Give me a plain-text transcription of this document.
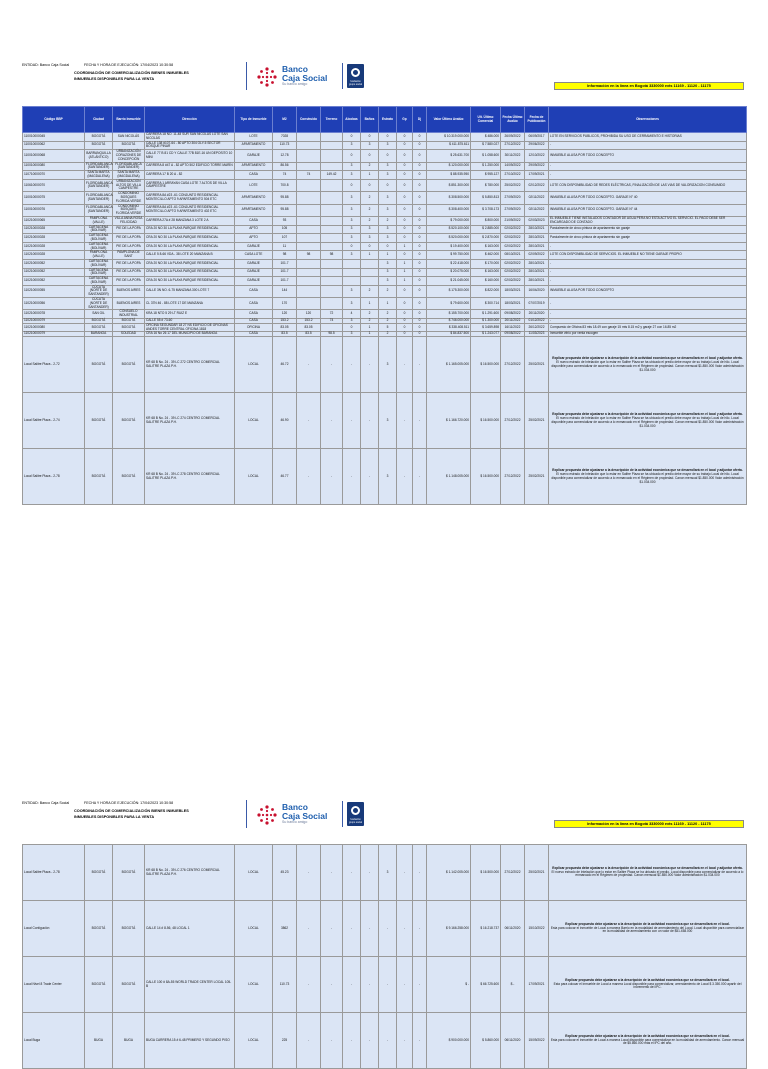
ENTIDAD: Banco Caja Social	FECHA Y HORA DE EJECUCIÓN: 17/04/2023 10:30:58
COORDINACIÓN DE COMERCIALIZACIÓN BIENES INMUEBLES
INMUEBLES DISPONIBLES PARA LA VENTA
Banco
Caja Social
Su banco amigo
fundación grupo social	Información en la línea en Bogotá 3330000 exts 11169 - 11120 - 11175
Código BBP	Ciudad	Barrio Inmueble	Dirección	Tipo de Inmueble	M2	Construido	Terreno	Alcobas	Baños	Estrato	Gp	Dj	Valor Último Avalúo	Ult. Último Comercial	Fecha Último Avalúo	Fecha de Publicación	Observaciones
110010000045	BOGOTÁ	SAN NICOLÁS	CARRERA 18 NO. 11-48 SUR SAN NICOLÁS LOTE SAN NICOLÁS	LOTE	7028			0	0	0	0	0	$ 10.319.000.000	$ 486.000	26/09/2022	06/09/2017	LOTE EN SERVICIOS PUBLICOS, PROHIBIDA SU USO DE CERRAMIENTO E HISTORIAS
110010000062	BOGOTÁ	BOGOTÁ	CALLE 138 #107-64 - 80 APTO 304 OLY-5 SECTOR BOSQUE PINAR	APARTAMENTO	110.73			3	3	3	0	0	$ 411.875.611	$ 7.580.027	27/12/2022	29/06/2022	-
110010000068	BARRANQUILLA (ATLÁNTICO)	URBANIZACIÓN CORAZONES DE CONCEPCIÓN	CALLE 77 B 81 CD Y CALLE 77B 81E-16 UN DEPOSITO 10 MINI	GARAJE	12.78			0	0	0	0	0	$ 25.631.700	$ 1.058.600	30/11/2022	12/10/2022	INMUEBLE ALUSA POR TODO CONCEPTO
110010000080	FLORIDABLANCA (SANTANDER)	FLORIDABLANCA (SANTANDER)	CARRERA 8 #47 A - 82 APTO 502 EDIFICIO TORRE MARÍN	APARTAMENTO	86.56			3	2	3	0	0	$ 120.000.000	$ 1.250.000	14/09/2022	29/09/2022	-
110710000070	SANTA MARTA (MAGDALENA)	SANTA MARTA (MAGDALENA)	CARRERA 17 B 20 A - 82	CASA	74	74	149.42	3	1	3	0	0	$ 88.935.950	$ 955.127	27/10/2022	17/09/2021	-
110610000070	FLORIDABLANCA (SANTANDER)	URBANIZACION ALTOS DE VILLA CAMPESTRE	CARRERA 1 ARRAYAN CASA LOTE 7 ALTOS DE VILLA CAMPESTRE	LOTE	700.8			0	0	0	0	0	$ 851.300.000	$ 780.000	25/02/2022	02/12/2022	LOTE CON DISPONIBILIDAD DE REDES ELÉCTRICAS, FINALIZACIÓN DE LAS VIAS DE VALORIZACION CONSUMIDO
110010000075	FLORIDABLANCA (SANTANDER)	CONDOMINIO BOSQUES FLORIDA VERDE	CARRERA 8A #23 -61 CONJUNTO RESIDENCIAL MONTECILLO APTO 9 APARTAMENTO 504 ETC	APARTAMENTO	95.88			3	2	3	0	0	$ 308.500.000	$ 5.850.813	27/09/2020	02/11/2022	INMUEBLE ALUSA POR TODO CONCEPTO. GARAJE N° 40
110010000076	FLORIDABLANCA (SANTANDER)	CONDOMINIO BOSQUES FLORIDA VERDE	CARRERA 8A #23 -61 CONJUNTO RESIDENCIAL MONTECILLO APTO 9 APARTAMENTO 402 ETC	APARTAMENTO	95.88			3	2	3	0	0	$ 308.400.000	$ 3.708.173	27/09/2020	02/11/2022	INMUEBLE ALUSA POR TODO CONCEPTO. GARAJE N° 44
110210000065	PAMPLONA (VALLE)	VILLA ANNA ROSA FELICIDAD	CARRERA 27A # 28 MANZANA 3 LOTE 2 A	CASA	93			3	2	2	0	0	$ 79.000.000	$ 800.000	21/09/2022	02/03/2023	EL INMUEBLE TIENE INSTALADOS CONTADOR DE AGUA PERA NO ESTA ACTIVO EL SERVICIO. EL PAGO DEBE SER ENCARGADO DE CONTADO
110210000028	CARTAGENA (BOLÍVAR)	PIE DE LA POPA	CRA 20 NO 30 LA PLAYA PARQUE RESIDENCIAL	APTO	105			3	3	3	0	0	$ 520.100.000	$ 2.885.000	02/02/2022	28/10/2021	Parcialmente de cinco pintura de apartamento sin garaje
110210000028	CARTAGENA (BOLÍVAR)	PIE DE LA POPA	CRA 20 NO 30 LA PLAYA PARQUE RESIDENCIAL	APTO	107			3	3	3	0	0	$ 520.000.000	$ 2.870.000	02/02/2022	28/10/2021	Parcialmente de cinco pintura de apartamento sin garaje
110210000028	CARTAGENA (BOLÍVAR)	PIE DE LA POPA	CRA 20 NO 30 LA PLAYA PARQUE RESIDENCIAL	GARAJE	11			0	0	0	1	0	$ 19.400.000	$ 163.000	02/02/2022	28/10/2021	-
110210000028	PAMPLONA (VALLE)	PAMPLONA DE SANT	CALLE 5 8-66 VDA - 38 LOTE 20 MANZANA B	CASA LOTE	98	98	98	3	1	1	0	0	$ 99.750.000	$ 462.000	08/10/2021	02/09/2022	LOTE CON DISPONIBILIDAD DE SERVICIOS. EL INMUEBLE NO TIENE GARAJE PROPIO
110210000052	CARTAGENA (BOLÍVAR)	PIE DE LA POPA	CRA 20 NO 30 LA PLAYA PARQUE RESIDENCIAL	GARAJE	101.7					3	1	0	$ 22.418.000	$ 170.000	02/02/2022	28/10/2021	-
110210000052	CARTAGENA (BOLÍVAR)	PIE DE LA POPA	CRA 20 NO 30 LA PLAYA PARQUE RESIDENCIAL	GARAJE	101.7					3	1	0	$ 20.075.000	$ 163.000	02/02/2022	28/10/2021	-
110210000052	CARTAGENA (BOLÍVAR)	PIE DE LA POPA	CRA 20 NO 30 LA PLAYA PARQUE RESIDENCIAL	GARAJE	101.7					3	1	0	$ 21.045.000	$ 160.000	02/02/2022	28/10/2021	-
110210000055	CÚCUTA (NORTE DE SANTANDER)	BUENOS AIRES	CALLE 3N NO. 6-75 MANZANA 300 LOTE 7	CASA	144			3	2	2	0	0	$ 175.300.000	$ 822.000	18/03/2021	16/04/2020	INMUEBLE ALUSA POR TODO CONCEPTO
110210000056	CÚCUTA (NORTE DE SANTANDER)	BUENOS AIRES	CL 37N 46 - 88 LOTE 17 DE MANZANA	CASA	170			3	1	1	0	0	$ 79.600.000	$ 300.714	18/03/2021	07/07/2019	-
110210000078	SAN GIL	CONSUELO INDUSTRIAL	KRA 18 NTO 5 29 LT RUIZ E	CASA	120	120	72	4	2	2	0	0	$ 155.700.000	$ 1.291.600	09/08/2022	20/11/2020	-
110210000079	BOGOTÁ	BOGOTÁ	CALLE 55 # 73-60	CASA	153.2	153.2	74	3	2	2	0	0	$ 746.000.000	$ 1.300.000	20/11/2022	01/12/2022	-
110210000080	BOGOTÁ	BOGOTÁ	OFICINA SEGUNDAR 18 27 NS EDIFICIO DE OFICINAS ANDES TORRE CENTRAL OFICINA 1818	OFICINA	83.05	83.05		0	1	5	0	0	$ 338.408.511	$ 3.659.898	16/11/2022	26/12/2022	Compuesto de Oficina 83 mts 18.49 con garaje 15 mts 8.15 m2 y garaje 27 con 16.85 m2
110210000079	BARANOA	SOLEDAD	CRA 16 No 26 17 DEL MUNICIPIO DE BARANOA	CASA	83.5	83.5	98.5	3	1	2	0	0	$ 84.837.500	$ 1.243.077	09/08/2022	11/03/2023	Inmueble vitrío por venta escogen
Local Salitre Plaza - 2-72	BOGOTÁ	BOGOTÁ	KR 68 B No. 24 - 39 LC 272 CENTRO COMERCIAL SALITRE PLAZA P.H.	LOCAL	46.72	-	-	-	-	3	-	-	$ 1.165.005.000	$ 16.500.000	27/12/2022	25/02/2021	Explicar propuesta debe ajustarse a la descripción de la actividad económica que se desarrollará en el local y adjuntar oferta.
El nuevo estrado de Intelación que lo estar en Salitre Plaza se ha ubicado el predio debe mayor de su trabajo Local de hilo. Local disponible para comercializar de acuerdo a lo enmarcado en el Régimen de propiedad. Canon mensual $1.850.000 Valor administración $1.034.000

Local Salitre Plaza - 2-74	BOGOTÁ	BOGOTÁ	KR 68 B No. 24 - 39 LC 274 CENTRO COMERCIAL SALITRE PLAZA P.H.	LOCAL	46.90	-	-	-	-	3	-	-	$ 1.166.720.000	$ 16.500.000	27/12/2022	25/02/2021	Explicar propuesta debe ajustarse a la descripción de la actividad económica que se desarrollará en el local y adjuntar oferta.
El nuevo estrado de Intelación que lo estar en Salitre Plaza se ha ubicado el predio debe mayor de su trabajo Local de hilo. Local disponible para comercializar de acuerdo a lo enmarcado en el Régimen de propiedad. Canon mensual $1.850.000 Valor administración $1.034.000

Local Salitre Plaza - 2-78	BOGOTÁ	BOGOTÁ	KR 68 B No. 24 - 39 LC 278 CENTRO COMERCIAL SALITRE PLAZA P.H.	LOCAL	46.77	-	-	-	-	3	-	-	$ 1.148.005.000	$ 16.500.000	27/12/2022	25/02/2021	Explicar propuesta debe ajustarse a la descripción de la actividad económica que se desarrollará en el local y adjuntar oferta.
El nuevo estrado de Intelación que lo estar en Salitre Plaza se ha ubicado el predio debe mayor de su trabajo Local de hilo. Local disponible para comercializar de acuerdo a lo enmarcado en el Régimen de propiedad. Canon mensual $1.850.000 Valor administración $1.034.000
ENTIDAD: Banco Caja Social	FECHA Y HORA DE EJECUCIÓN: 17/04/2023 10:30:58
COORDINACIÓN DE COMERCIALIZACIÓN BIENES INMUEBLES
INMUEBLES DISPONIBLES PARA LA VENTA
Banco
Caja Social
Su banco amigo
fundación grupo social	Información en la línea en Bogotá 3330000 exts 11169 - 11120 - 11175
Local Salitre Plaza - 2-78	BOGOTÁ	BOGOTÁ	KR 68 B No. 24 - 39 LC 276 CENTRO COMERCIAL SALITRE PLAZA P.H.	LOCAL	45.23	-	-	-	-	3	-	-	$ 1.142.005.000	$ 16.500.000	27/12/2022	25/02/2021	Explicar propuesta debe ajustarse a la descripción de la actividad económica que se desarrollará en el local y adjuntar oferta.
El nuevo estrado de Intelación que lo estar en Salitre Plaza se ha ubicado el predio. Local disponible para comercializar de acuerdo a lo enmarcado en el Régimen de propiedad. Canon mensual $1.850.000 Valor administración $1.034.000

Local Contigución	BOGOTÁ	BOGOTÁ	CALLE 14 # 8-56, 48 LOCAL 1	LOCAL	3862	-	-	-	-	-	-	-	$ 9.166.258.000	$ 16.218.737	06/11/2020	15/10/2022	Explicar propuesta debe ajustarse a la descripción de la actividad económica que se desarrollará en el local.
Esta para colocar el inmueble de Local a manera Barrio en la modalidad de arrendamiento del Local. Local disponible para comercializar en la modalidad de arrendamiento con un valor de $51.458.000

Local Nivel 8 Trade Center	BOGOTÁ	BOGOTÁ	CALLE 100 # 8A-55 WORLD TRADE CENTER LOCAL 105-B	LOCAL	110.73	-	-	-	-	-	-	-	$ -	$ 66.725.600	$ -	17/09/2021	Explicar propuesta debe ajustarse a la descripción de la actividad económica que se desarrollará en el local.
Esta para colocar el inmueble de Local a manera Local disponible para comercializar, arrendamiento de Local $ 3.350.000 apartir del incremento del IPC.

Local Buga	BUGA	BUGA	BUGA CARRERA 15 # 6-48 PRIMERO Y SEGUNDO PISO	LOCAL	225	-	-	-	-	-	-	-	$ 900.000.000	$ 5.860.000	06/11/2020	15/09/2022	Explicar propuesta debe ajustarse a la descripción de la actividad económica que se desarrollará en el local.
Esta para colocar el inmueble de Local a manera Local disponible para comercializar en la modalidad de arrendamiento. Canon mensual de $5.860.000 más el IPC del año.
